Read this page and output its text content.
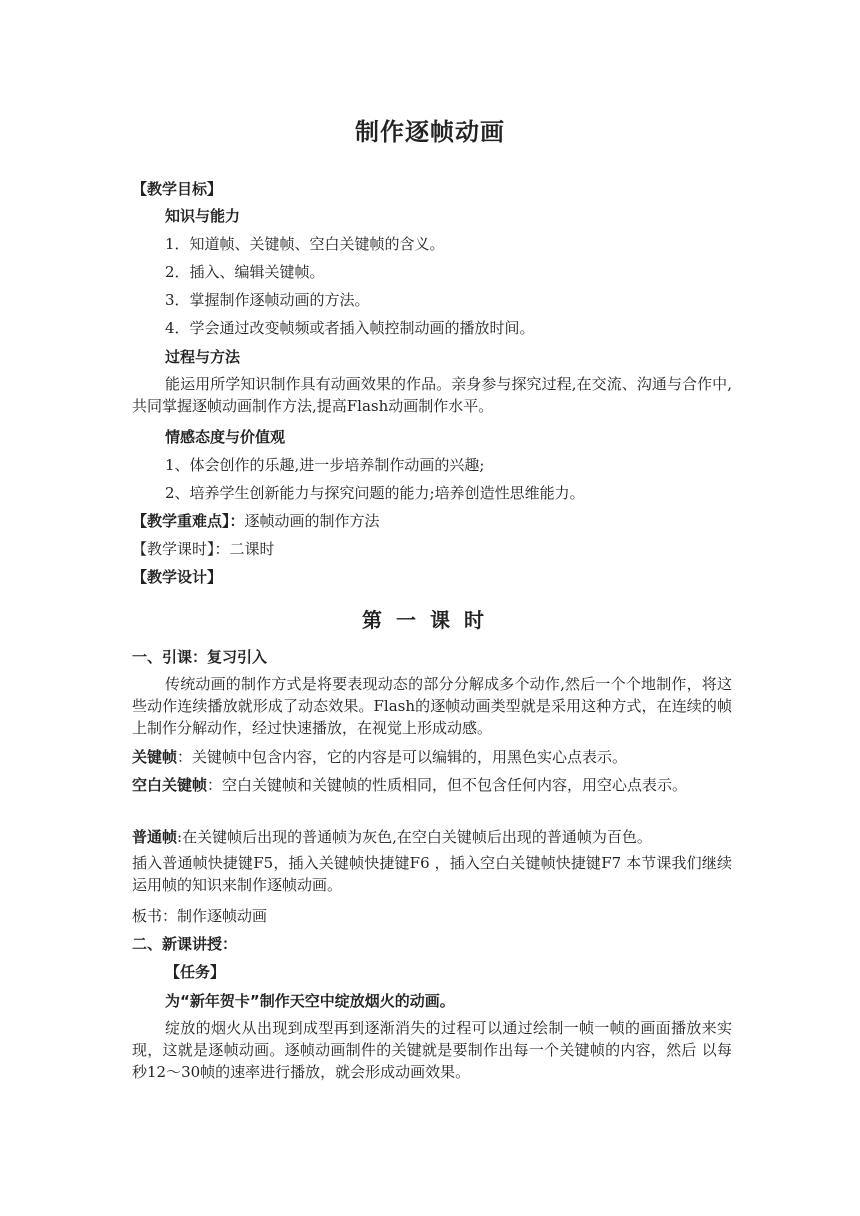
制作逐帧动画
【教学目标】
知识与能力
1．知道帧、关键帧、空白关键帧的含义。
2．插入、编辑关键帧。
3．掌握制作逐帧动画的方法。
4．学会通过改变帧频或者插入帧控制动画的播放时间。
过程与方法
能运用所学知识制作具有动画效果的作品。亲身参与探究过程,在交流、沟通与合作中,共同掌握逐帧动画制作方法,提高Flash动画制作水平。
情感态度与价值观
1、体会创作的乐趣,进一步培养制作动画的兴趣;
2、培养学生创新能力与探究问题的能力;培养创造性思维能力。
【教学重难点】：逐帧动画的制作方法
【教学课时】：二课时
【教学设计】
第一课时
一、引课：复习引入
传统动画的制作方式是将要表现动态的部分分解成多个动作,然后一个个地制作，将这些动作连续播放就形成了动态效果。Flash的逐帧动画类型就是采用这种方式，在连续的帧上制作分解动作，经过快速播放，在视觉上形成动感。
关键帧：关键帧中包含内容，它的内容是可以编辑的，用黑色实心点表示。
空白关键帧：空白关键帧和关键帧的性质相同，但不包含任何内容，用空心点表示。
普通帧:在关键帧后出现的普通帧为灰色,在空白关键帧后出现的普通帧为百色。
插入普通帧快捷键F5，插入关键帧快捷键F6 ，插入空白关键帧快捷键F7 本节课我们继续运用帧的知识来制作逐帧动画。
板书：制作逐帧动画
二、新课讲授：
【任务】
为“新年贺卡”制作天空中绽放烟火的动画。
绽放的烟火从出现到成型再到逐渐消失的过程可以通过绘制一帧一帧的画面播放来实现，这就是逐帧动画。逐帧动画制件的关键就是要制作出每一个关键帧的内容，然后 以每秒12～30帧的速率进行播放，就会形成动画效果。
